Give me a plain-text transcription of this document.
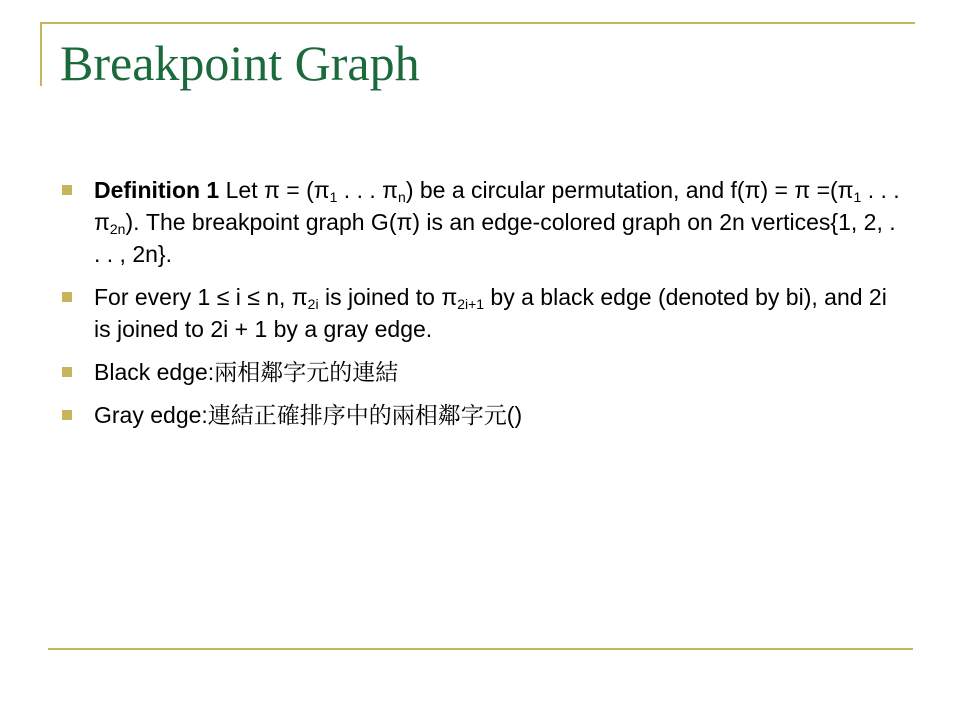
Breakpoint Graph
Definition 1 Let $\pi = (\pi_1$ . . . $\pi_n$) be a circular permutation, and $f(\pi) = \pi =(\pi_1$ . . . $\pi_{2n}$). The breakpoint graph G(π) is an edge-colored graph on 2n vertices{1, 2, . . . , 2n}.
For every 1 ≤ i ≤ n, $\pi_{2i}$ is joined to $\pi_{2i+1}$ by a black edge (denoted by bi), and 2i is joined to 2i + 1 by a gray edge.
Black edge:兩相鄰字元的連結
Gray edge:連結正確排序中的兩相鄰字元()
